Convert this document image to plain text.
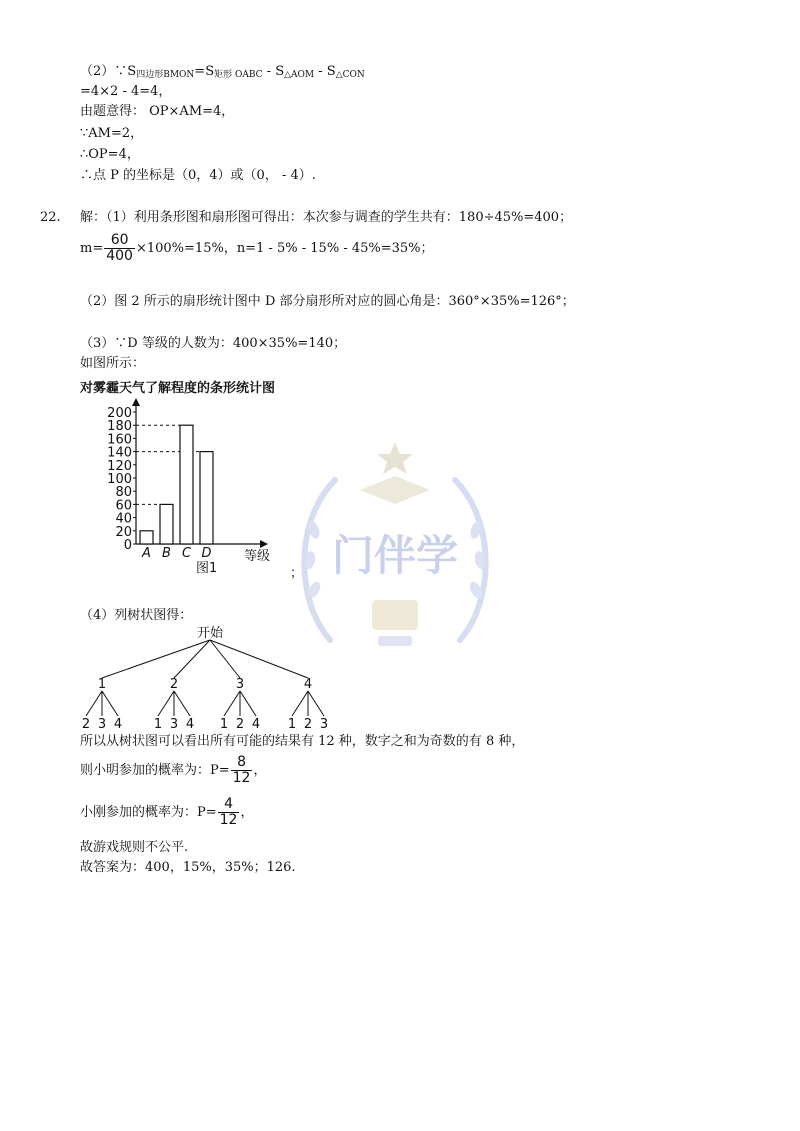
$(2)\because S_{四边形BMON}=S_{矩形}$ $_{OABC} - S_{\triangle AOM} - S_{\triangle CON}$
=4×2 - 4=4，
由题意得： OP×AM=4，
∵AM=2，
∴OP=4，
∴点 P 的坐标是（0，4）或（0， - 4）.
22. 解：（1）利用条形图和扇形图可得出：本次参与调查的学生共有：180÷45%=400；
$m= \frac{60}{400} \times 100\%=15\%$，n=1 - 5% - 15% - 45%=35%；
（2）图 2 所示的扇形统计图中 D 部分扇形所对应的圆心角是：360°×35%=126°；
（3）∵D 等级的人数为：400×35%=140；
如图所示：
对雾霾天气了解程度的条形统计图
0
20
40
60
80
100
120
140
160
180
200
A B C D 等级
图1	； 门伴学
（4）列树状图得：
开始
1
2 3 4
2
1 3 4
3
1 2 4
4
1 2 3
所以从树状图可以看出所有可能的结果有 12 种，数字之和为奇数的有 8 种，
则小明参加的概率为：$P= \frac{8}{12}$ ，
小刚参加的概率为：$P= \frac{4}{12}$ ，
故游戏规则不公平.
故答案为：400，15%，35%；126.
